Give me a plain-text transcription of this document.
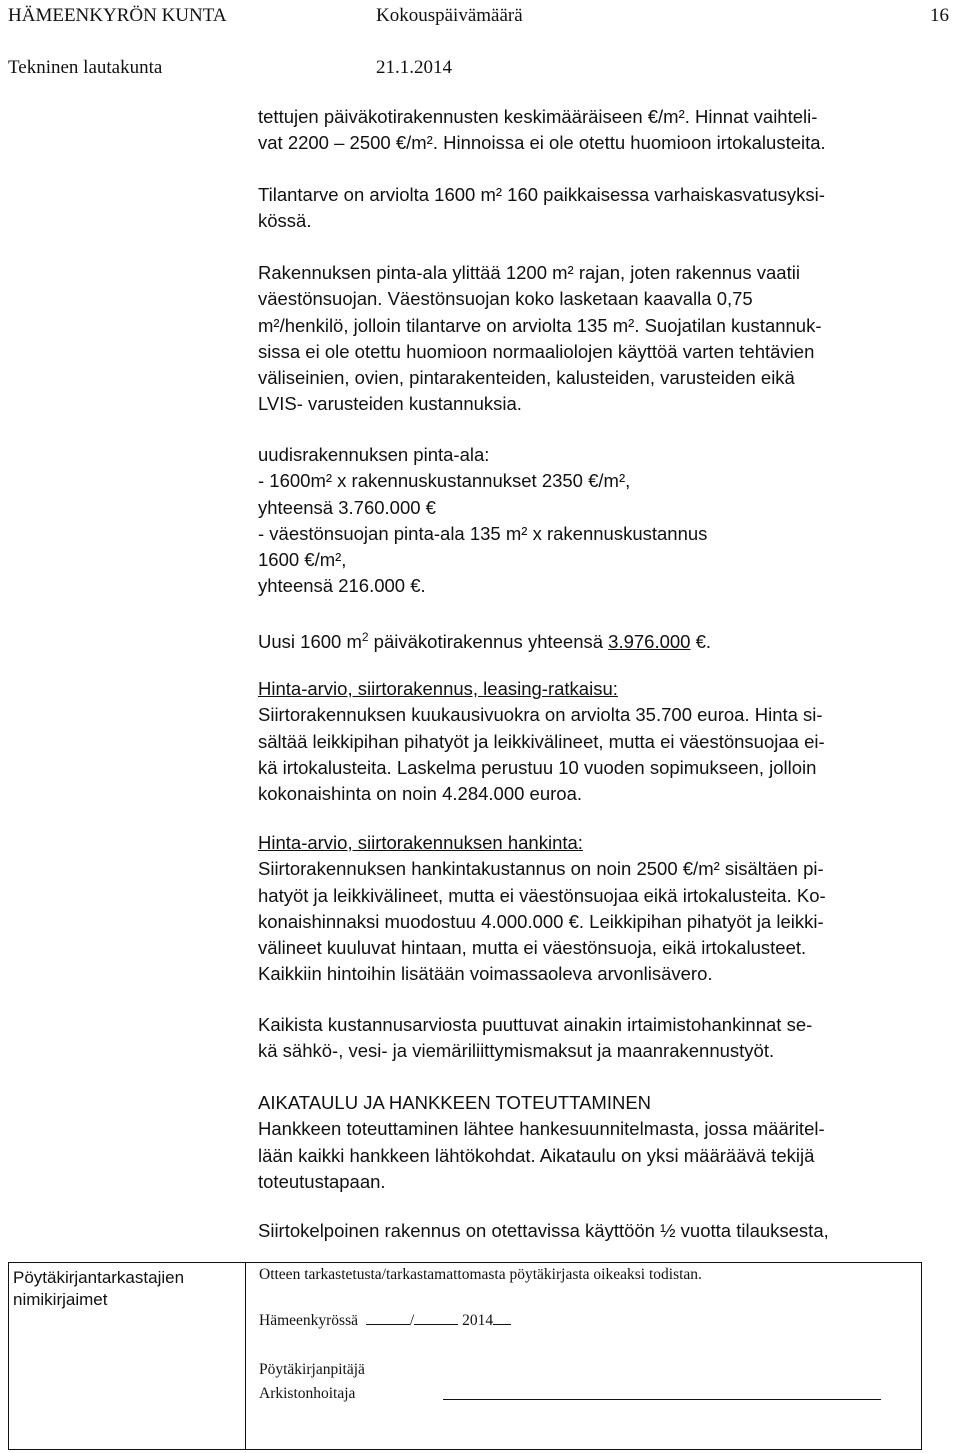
HÄMEENKYRÖN KUNTA	Kokouspäivämäärä	16
Tekninen lautakunta	21.1.2014
tettujen päiväkotirakennusten keskimääräiseen €/m². Hinnat vaihteli-
vat 2200 – 2500 €/m². Hinnoissa ei ole otettu huomioon irtokalusteita.
Tilantarve on arviolta 1600 m² 160 paikkaisessa varhaiskasvatusyksi-
kössä.
Rakennuksen pinta-ala ylittää 1200 m² rajan, joten rakennus vaatii
väestönsuojan. Väestönsuojan koko lasketaan kaavalla 0,75
m²/henkilö, jolloin tilantarve on arviolta 135 m². Suojatilan kustannuk-
sissa ei ole otettu huomioon normaaliolojen käyttöä varten tehtävien
väliseinien, ovien, pintarakenteiden, kalusteiden, varusteiden eikä
LVIS- varusteiden kustannuksia.
uudisrakennuksen pinta-ala:
- 1600m² x rakennuskustannukset 2350 €/m²,
yhteensä 3.760.000 €
- väestönsuojan pinta-ala 135 m² x rakennuskustannus
1600 €/m²,
yhteensä 216.000 €.
Uusi 1600 $m^2$ päiväkotirakennus yhteensä 3.976.000 €.
Hinta-arvio, siirtorakennus, leasing-ratkaisu:
Siirtorakennuksen kuukausivuokra on arviolta 35.700 euroa. Hinta si-
sältää leikkipihan pihatyöt ja leikkivälineet, mutta ei väestönsuojaa ei-
kä irtokalusteita. Laskelma perustuu 10 vuoden sopimukseen, jolloin
kokonaishinta on noin 4.284.000 euroa.
Hinta-arvio, siirtorakennuksen hankinta:
Siirtorakennuksen hankintakustannus on noin 2500 €/m² sisältäen pi-
hatyöt ja leikkivälineet, mutta ei väestönsuojaa eikä irtokalusteita. Ko-
konaishinnaksi muodostuu 4.000.000 €. Leikkipihan pihatyöt ja leikki-
välineet kuuluvat hintaan, mutta ei väestönsuoja, eikä irtokalusteet.
Kaikkiin hintoihin lisätään voimassaoleva arvonlisävero.
Kaikista kustannusarviosta puuttuvat ainakin irtaimistohankinnat se-
kä sähkö-, vesi- ja viemäriliittymismaksut ja maanrakennustyöt.
AIKATAULU JA HANKKEEN TOTEUTTAMINEN
Hankkeen toteuttaminen lähtee hankesuunnitelmasta, jossa määritel-
lään kaikki hankkeen lähtökohdat. Aikataulu on yksi määräävä tekijä
toteutustapaan.
Siirtokelpoinen rakennus on otettavissa käyttöön ½ vuotta tilauksesta,
Pöytäkirjantarkastajien
nimikirjaimet
Otteen tarkastetusta/tarkastamattomasta pöytäkirjasta oikeaksi todistan.
Hämeenkyrössä	/	2014
Pöytäkirjanpitäjä
Arkistonhoitaja
